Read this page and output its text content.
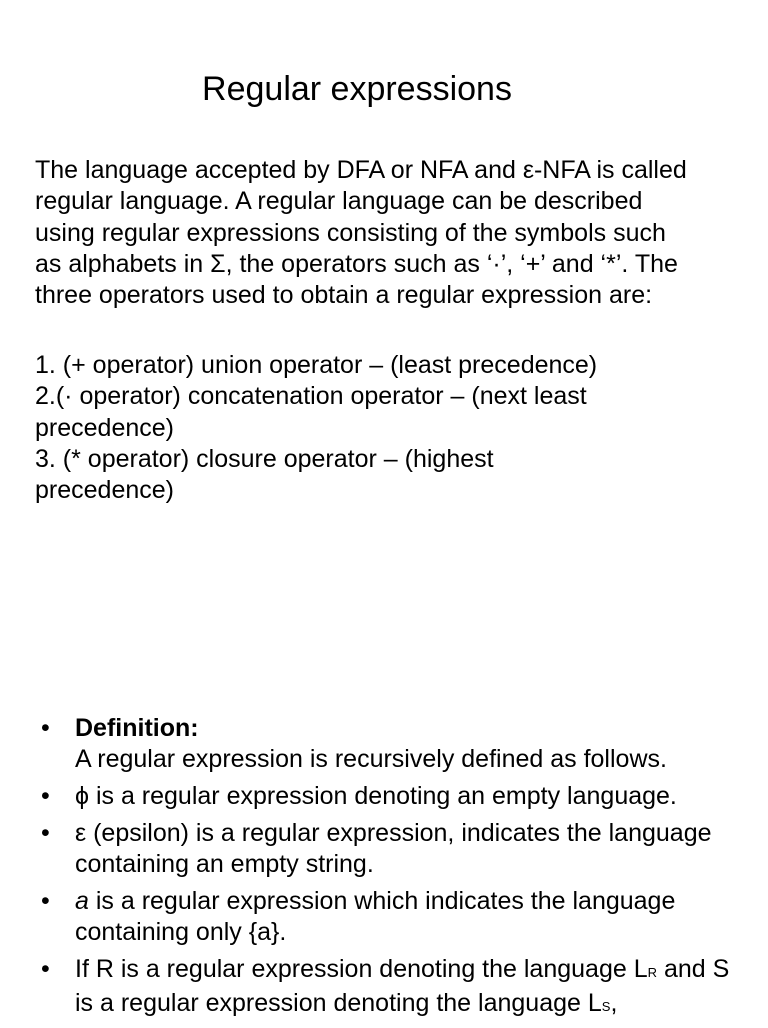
Regular expressions

The language accepted by DFA or NFA and ε-NFA is called regular language. A regular language can be described using regular expressions consisting of the symbols such as alphabets in Σ, the operators such as ‘·’, ‘+’ and ‘*’. The three operators used to obtain a regular expression are:

1. (+ operator) union operator – (least precedence)
2.(· operator) concatenation operator – (next least
precedence)
3. (* operator) closure operator – (highest
precedence)
• Definition:
A regular expression is recursively defined as follows.
• ϕ is a regular expression denoting an empty language.
• ε (epsilon) is a regular expression, indicates the language containing an empty string.
• a is a regular expression which indicates the language containing only {a}.
• If R is a regular expression denoting the language LR and S is a regular expression denoting the language LS,
